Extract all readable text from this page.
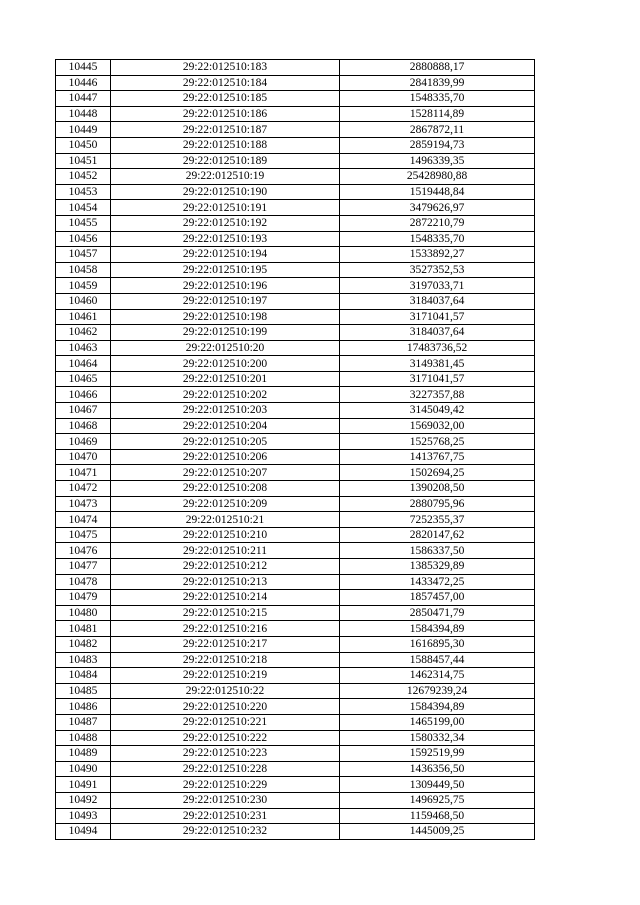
10445	29:22:012510:183	2880888,17
10446	29:22:012510:184	2841839,99
10447	29:22:012510:185	1548335,70
10448	29:22:012510:186	1528114,89
10449	29:22:012510:187	2867872,11
10450	29:22:012510:188	2859194,73
10451	29:22:012510:189	1496339,35
10452	29:22:012510:19	25428980,88
10453	29:22:012510:190	1519448,84
10454	29:22:012510:191	3479626,97
10455	29:22:012510:192	2872210,79
10456	29:22:012510:193	1548335,70
10457	29:22:012510:194	1533892,27
10458	29:22:012510:195	3527352,53
10459	29:22:012510:196	3197033,71
10460	29:22:012510:197	3184037,64
10461	29:22:012510:198	3171041,57
10462	29:22:012510:199	3184037,64
10463	29:22:012510:20	17483736,52
10464	29:22:012510:200	3149381,45
10465	29:22:012510:201	3171041,57
10466	29:22:012510:202	3227357,88
10467	29:22:012510:203	3145049,42
10468	29:22:012510:204	1569032,00
10469	29:22:012510:205	1525768,25
10470	29:22:012510:206	1413767,75
10471	29:22:012510:207	1502694,25
10472	29:22:012510:208	1390208,50
10473	29:22:012510:209	2880795,96
10474	29:22:012510:21	7252355,37
10475	29:22:012510:210	2820147,62
10476	29:22:012510:211	1586337,50
10477	29:22:012510:212	1385329,89
10478	29:22:012510:213	1433472,25
10479	29:22:012510:214	1857457,00
10480	29:22:012510:215	2850471,79
10481	29:22:012510:216	1584394,89
10482	29:22:012510:217	1616895,30
10483	29:22:012510:218	1588457,44
10484	29:22:012510:219	1462314,75
10485	29:22:012510:22	12679239,24
10486	29:22:012510:220	1584394,89
10487	29:22:012510:221	1465199,00
10488	29:22:012510:222	1580332,34
10489	29:22:012510:223	1592519,99
10490	29:22:012510:228	1436356,50
10491	29:22:012510:229	1309449,50
10492	29:22:012510:230	1496925,75
10493	29:22:012510:231	1159468,50
10494	29:22:012510:232	1445009,25
